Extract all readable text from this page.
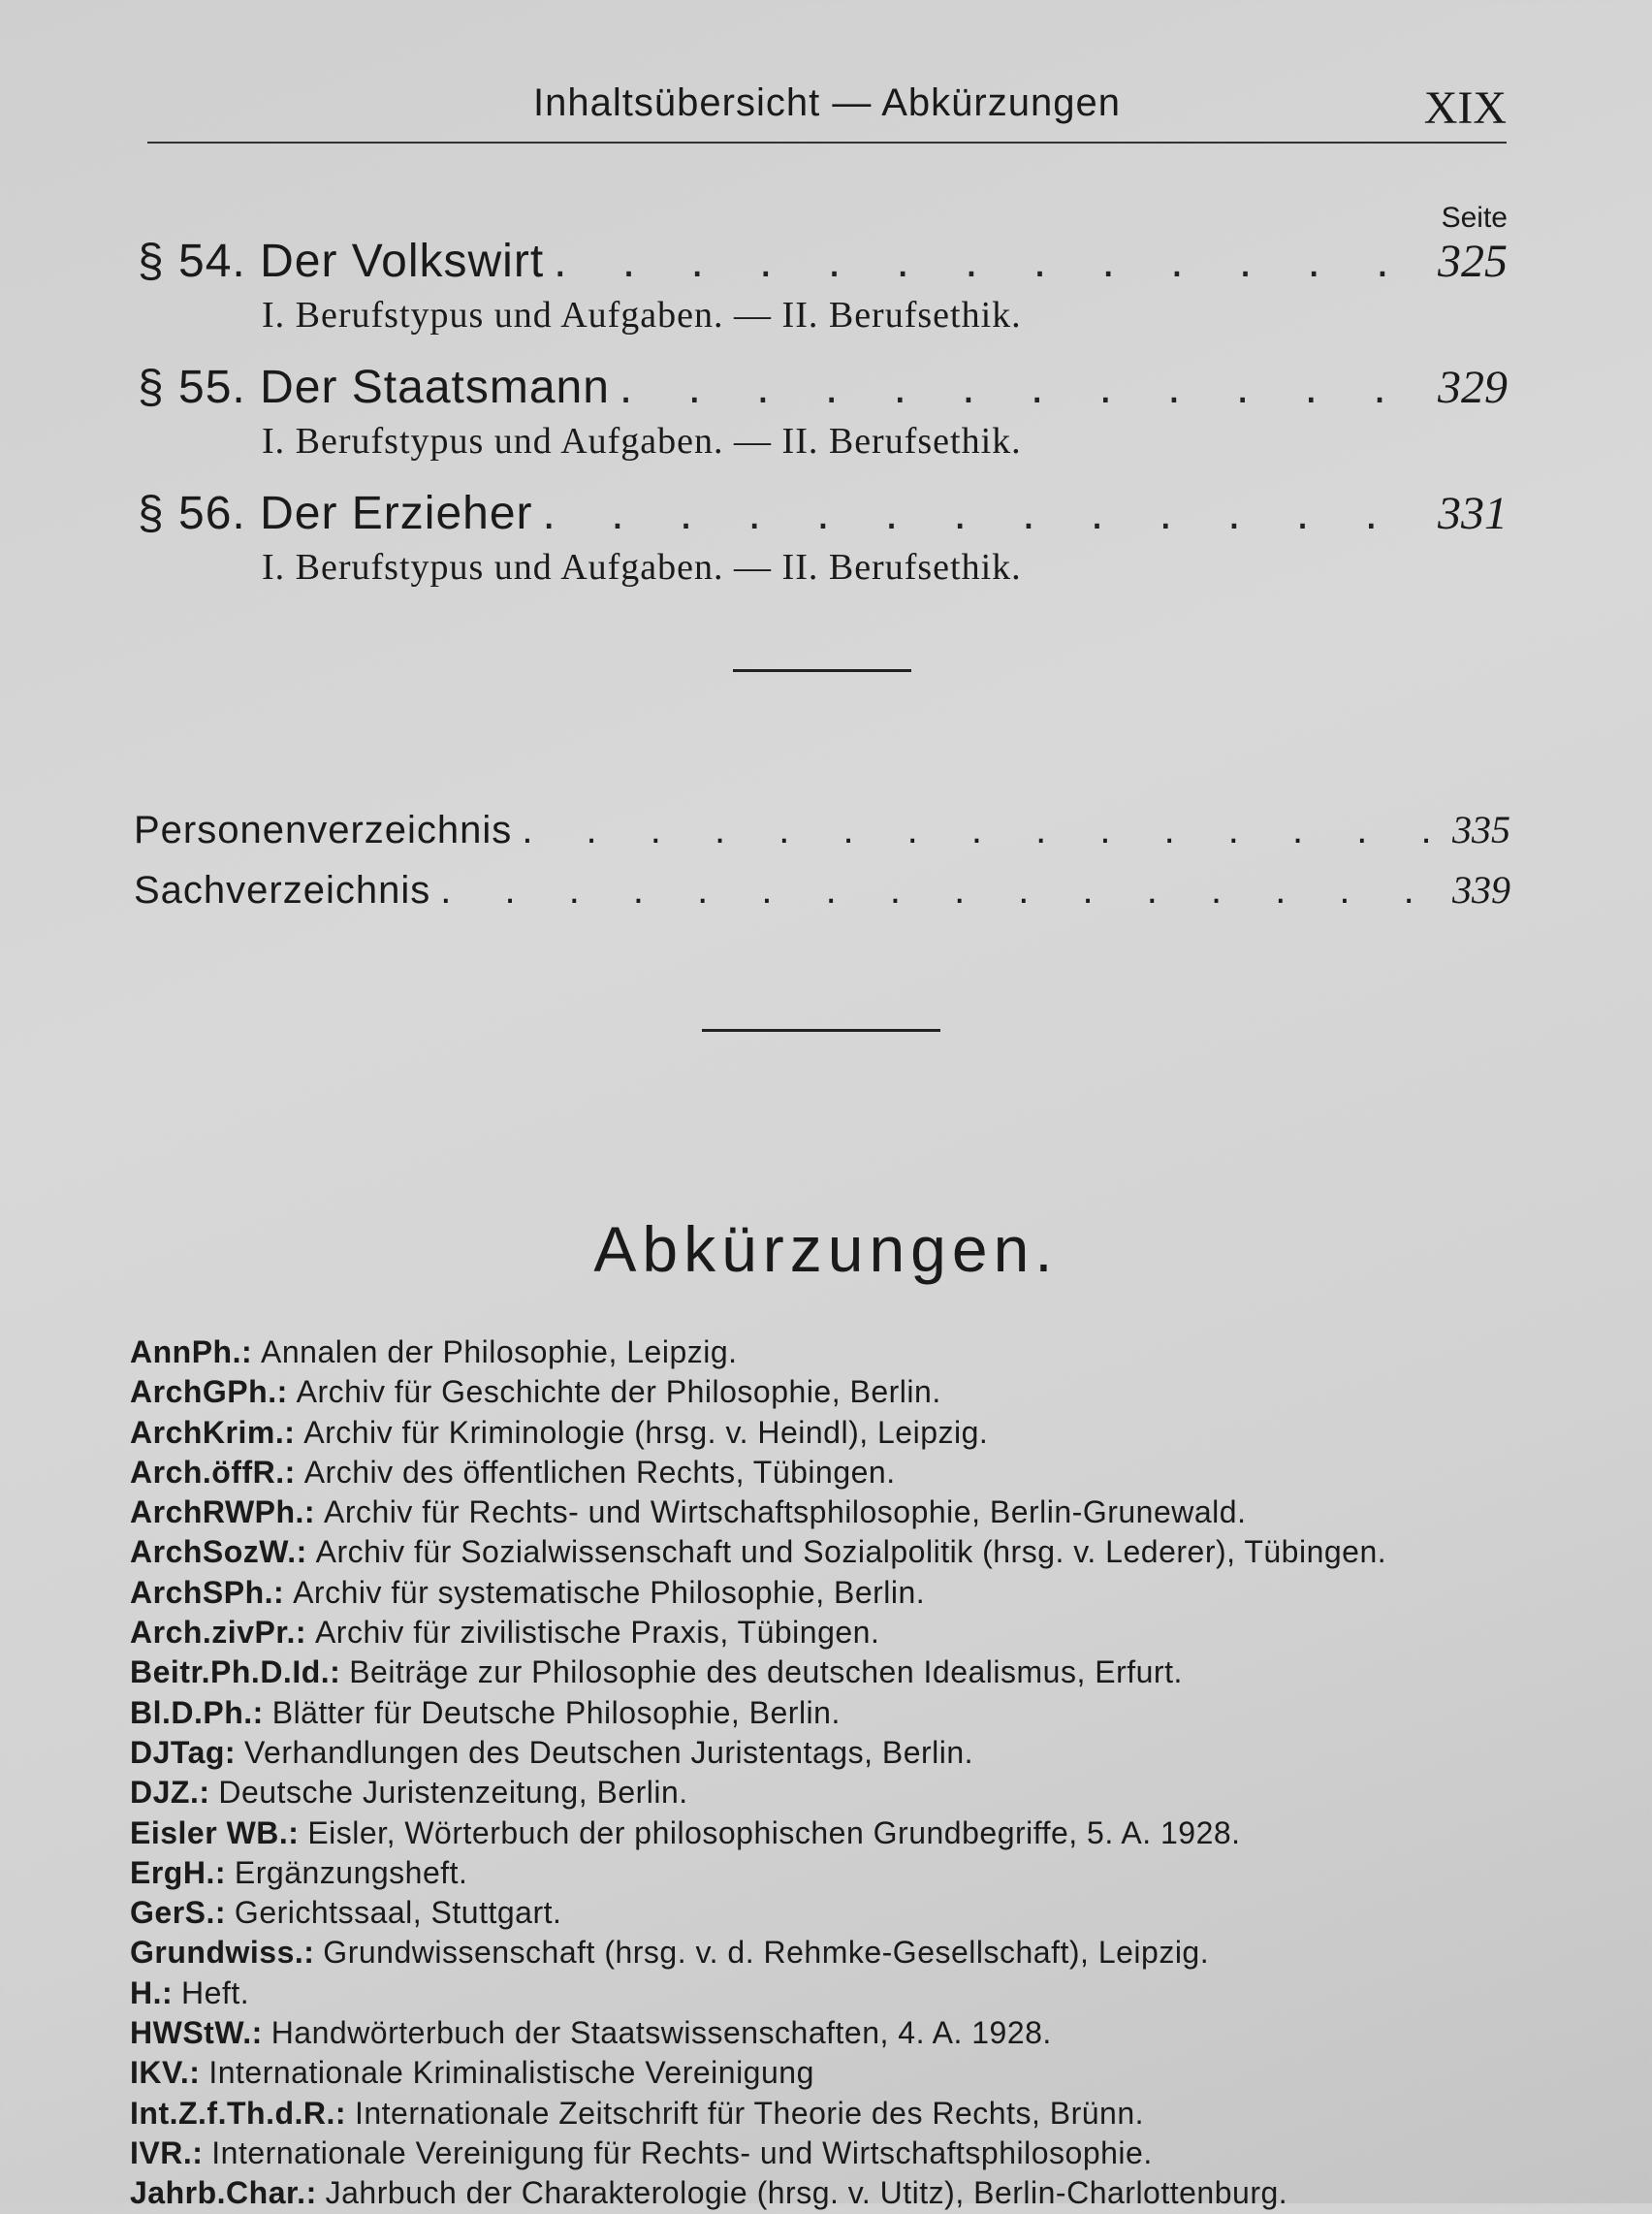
Inhaltsübersicht — Abkürzungen	XIX
Seite
§ 54. Der Volkswirt . . .	325
I. Berufstypus und Aufgaben. — II. Berufsethik.
§ 55. Der Staatsmann . . .	329
I. Berufstypus und Aufgaben. — II. Berufsethik.
§ 56. Der Erzieher . . .	331
I. Berufstypus und Aufgaben. — II. Berufsethik.
Personenverzeichnis . . .	335
Sachverzeichnis . . .	339
Abkürzungen.
AnnPh.: Annalen der Philosophie, Leipzig.
ArchGPh.: Archiv für Geschichte der Philosophie, Berlin.
ArchKrim.: Archiv für Kriminologie (hrsg. v. Heindl), Leipzig.
Arch.öffR.: Archiv des öffentlichen Rechts, Tübingen.
ArchRWPh.: Archiv für Rechts- und Wirtschaftsphilosophie, Berlin-Grunewald.
ArchSozW.: Archiv für Sozialwissenschaft und Sozialpolitik (hrsg. v. Lederer), Tübingen.
ArchSPh.: Archiv für systematische Philosophie, Berlin.
Arch.zivPr.: Archiv für zivilistische Praxis, Tübingen.
Beitr.Ph.D.Id.: Beiträge zur Philosophie des deutschen Idealismus, Erfurt.
Bl.D.Ph.: Blätter für Deutsche Philosophie, Berlin.
DJTag: Verhandlungen des Deutschen Juristentags, Berlin.
DJZ.: Deutsche Juristenzeitung, Berlin.
Eisler WB.: Eisler, Wörterbuch der philosophischen Grundbegriffe, 5. A. 1928.
ErgH.: Ergänzungsheft.
GerS.: Gerichtssaal, Stuttgart.
Grundwiss.: Grundwissenschaft (hrsg. v. d. Rehmke-Gesellschaft), Leipzig.
H.: Heft.
HWStW.: Handwörterbuch der Staatswissenschaften, 4. A. 1928.
IKV.: Internationale Kriminalistische Vereinigung
Int.Z.f.Th.d.R.: Internationale Zeitschrift für Theorie des Rechts, Brünn.
IVR.: Internationale Vereinigung für Rechts- und Wirtschaftsphilosophie.
Jahrb.Char.: Jahrbuch der Charakterologie (hrsg. v. Utitz), Berlin-Charlottenburg.
